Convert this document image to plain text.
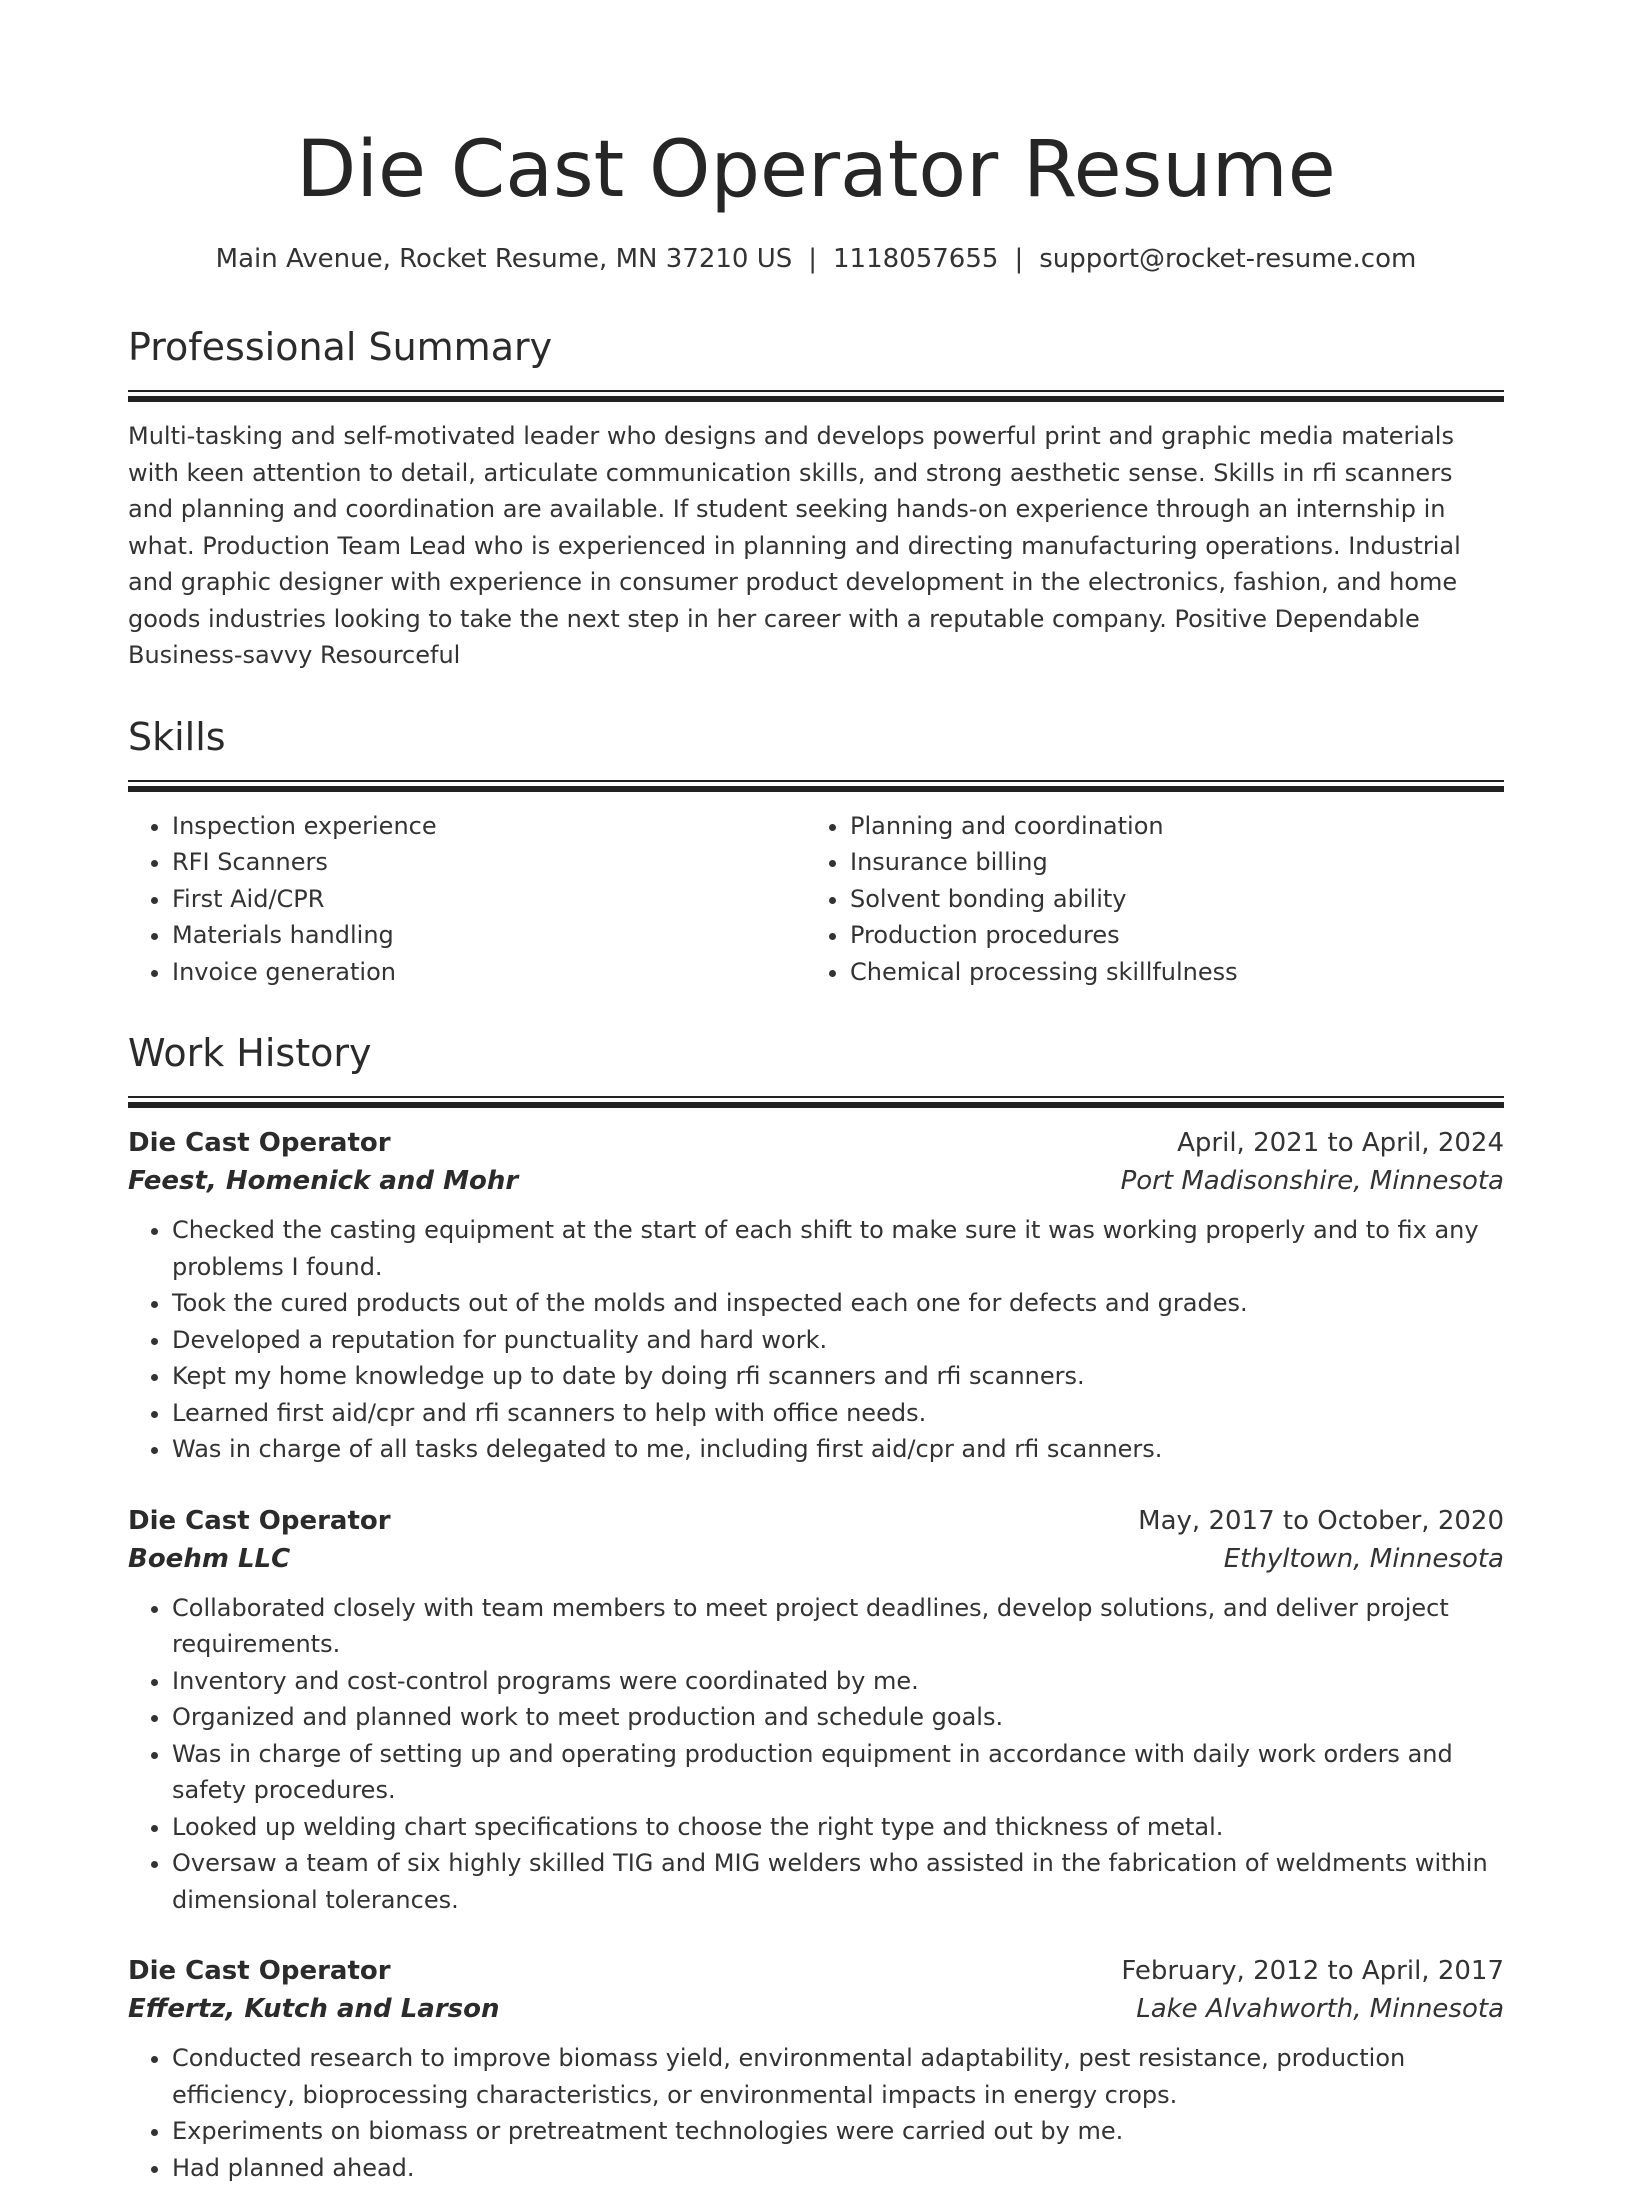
Die Cast Operator Resume
Main Avenue, Rocket Resume, MN 37210 US | 1118057655 | support@rocket-resume.com
Professional Summary

Multi-tasking and self-motivated leader who designs and develops powerful print and graphic media materials with keen attention to detail, articulate communication skills, and strong aesthetic sense. Skills in rfi scanners and planning and coordination are available. If student seeking hands-on experience through an internship in what. Production Team Lead who is experienced in planning and directing manufacturing operations. Industrial and graphic designer with experience in consumer product development in the electronics, fashion, and home goods industries looking to take the next step in her career with a reputable company. Positive Dependable Business-savvy Resourceful

Skills
• Inspection experience
• RFI Scanners
• First Aid/CPR
• Materials handling
• Invoice generation
• Planning and coordination
• Insurance billing
• Solvent bonding ability
• Production procedures
• Chemical processing skillfulness
Work History
Die Cast Operator	April, 2021 to April, 2024
Feest, Homenick and Mohr	Port Madisonshire, Minnesota
• Checked the casting equipment at the start of each shift to make sure it was working properly and to fix any problems I found.
• Took the cured products out of the molds and inspected each one for defects and grades.
• Developed a reputation for punctuality and hard work.
• Kept my home knowledge up to date by doing rfi scanners and rfi scanners.
• Learned first aid/cpr and rfi scanners to help with office needs.
• Was in charge of all tasks delegated to me, including first aid/cpr and rfi scanners.
Die Cast Operator	May, 2017 to October, 2020
Boehm LLC	Ethyltown, Minnesota
• Collaborated closely with team members to meet project deadlines, develop solutions, and deliver project requirements.
• Inventory and cost-control programs were coordinated by me.
• Organized and planned work to meet production and schedule goals.
• Was in charge of setting up and operating production equipment in accordance with daily work orders and safety procedures.
• Looked up welding chart specifications to choose the right type and thickness of metal.
• Oversaw a team of six highly skilled TIG and MIG welders who assisted in the fabrication of weldments within dimensional tolerances.
Die Cast Operator	February, 2012 to April, 2017
Effertz, Kutch and Larson	Lake Alvahworth, Minnesota
• Conducted research to improve biomass yield, environmental adaptability, pest resistance, production efficiency, bioprocessing characteristics, or environmental impacts in energy crops.
• Experiments on biomass or pretreatment technologies were carried out by me.
• Had planned ahead.
